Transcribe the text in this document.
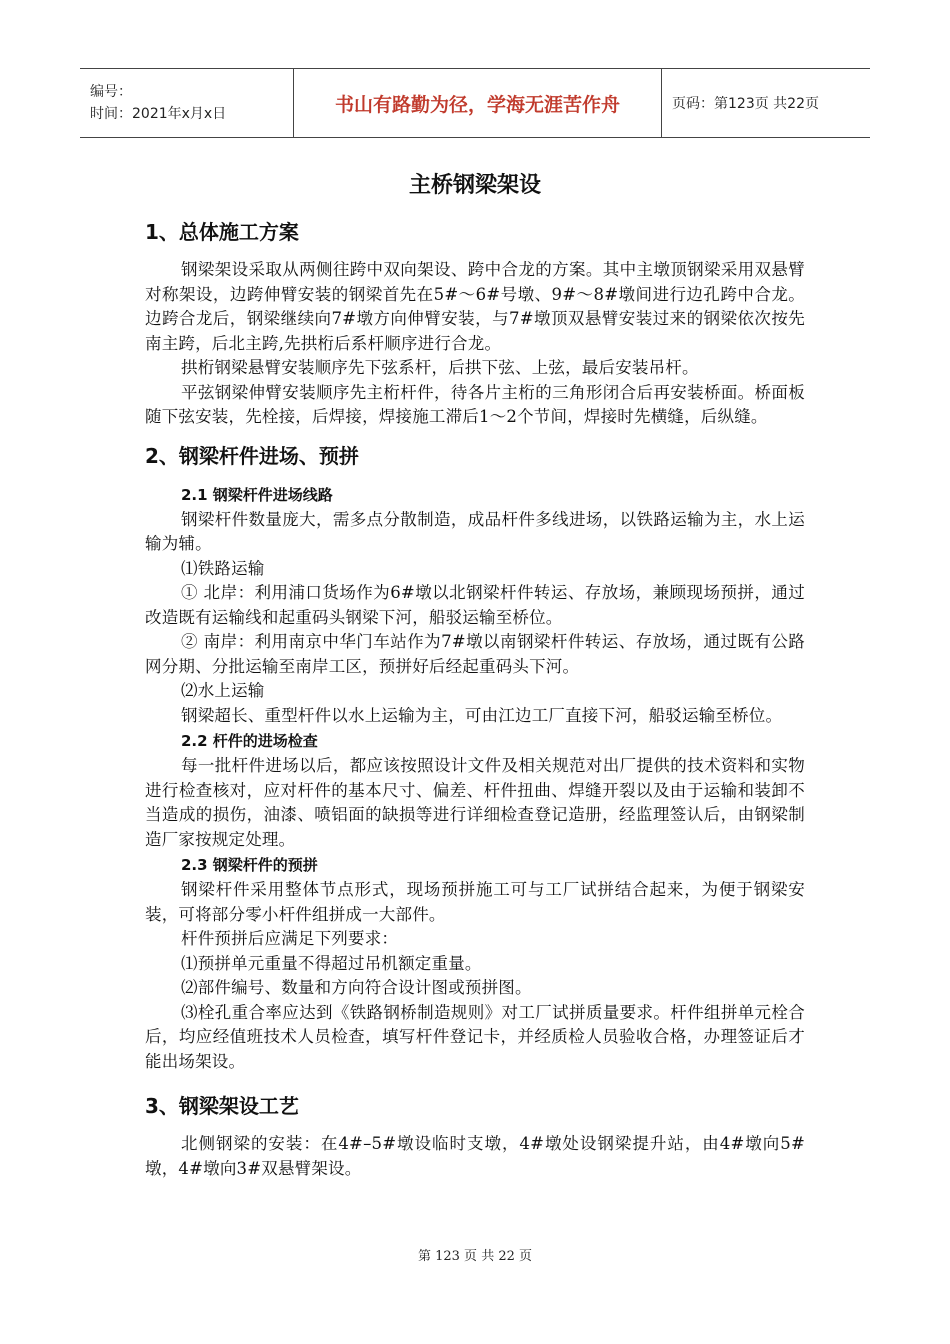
编号：
时间：2021年x月x日	书山有路勤为径，学海无涯苦作舟	页码：第123页 共22页
主桥钢梁架设
1、总体施工方案

钢梁架设采取从两侧往跨中双向架设、跨中合龙的方案。其中主墩顶钢梁采用双悬臂对称架设，边跨伸臂安装的钢梁首先在5#～6#号墩、9#～8#墩间进行边孔跨中合龙。边跨合龙后，钢梁继续向7#墩方向伸臂安装，与7#墩顶双悬臂安装过来的钢梁依次按先南主跨，后北主跨,先拱桁后系杆顺序进行合龙。

拱桁钢梁悬臂安装顺序先下弦系杆，后拱下弦、上弦，最后安装吊杆。

平弦钢梁伸臂安装顺序先主桁杆件，待各片主桁的三角形闭合后再安装桥面。桥面板随下弦安装，先栓接，后焊接，焊接施工滞后1～2个节间，焊接时先横缝，后纵缝。

2、钢梁杆件进场、预拼
2.1 钢梁杆件进场线路

钢梁杆件数量庞大，需多点分散制造，成品杆件多线进场，以铁路运输为主，水上运输为辅。

⑴铁路运输

① 北岸：利用浦口货场作为6#墩以北钢梁杆件转运、存放场，兼顾现场预拼，通过改造既有运输线和起重码头钢梁下河，船驳运输至桥位。

② 南岸：利用南京中华门车站作为7#墩以南钢梁杆件转运、存放场，通过既有公路网分期、分批运输至南岸工区，预拼好后经起重码头下河。

⑵水上运输

钢梁超长、重型杆件以水上运输为主，可由江边工厂直接下河，船驳运输至桥位。

2.2 杆件的进场检查

每一批杆件进场以后，都应该按照设计文件及相关规范对出厂提供的技术资料和实物进行检查核对，应对杆件的基本尺寸、偏差、杆件扭曲、焊缝开裂以及由于运输和装卸不当造成的损伤，油漆、喷铝面的缺损等进行详细检查登记造册，经监理签认后，由钢梁制造厂家按规定处理。

2.3 钢梁杆件的预拼

钢梁杆件采用整体节点形式，现场预拼施工可与工厂试拼结合起来，为便于钢梁安装，可将部分零小杆件组拼成一大部件。

杆件预拼后应满足下列要求：

⑴预拼单元重量不得超过吊机额定重量。

⑵部件编号、数量和方向符合设计图或预拼图。

⑶栓孔重合率应达到《铁路钢桥制造规则》对工厂试拼质量要求。杆件组拼单元栓合后，均应经值班技术人员检查，填写杆件登记卡，并经质检人员验收合格，办理签证后才能出场架设。

3、钢梁架设工艺

北侧钢梁的安装：在4#–5#墩设临时支墩，4#墩处设钢梁提升站，由4#墩向5#墩，4#墩向3#双悬臂架设。

第 123 页 共 22 页
